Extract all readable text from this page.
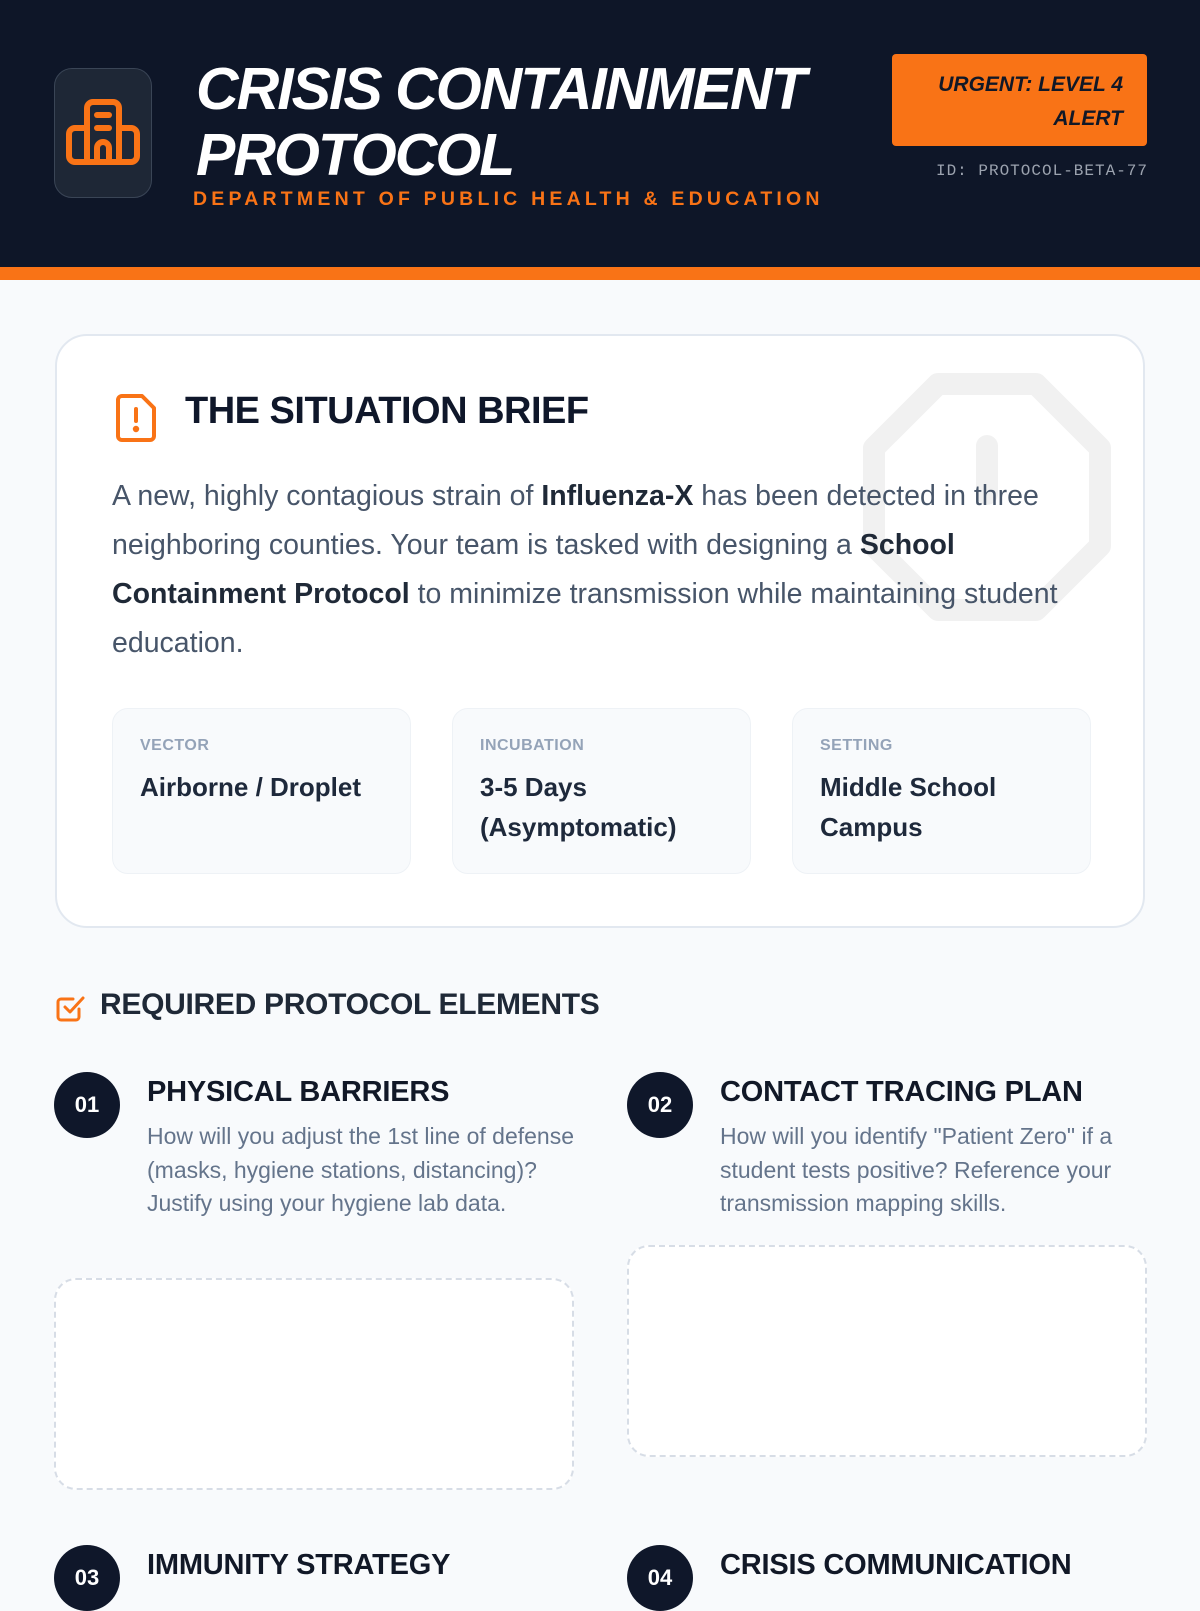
CRISIS CONTAINMENT PROTOCOL
DEPARTMENT OF PUBLIC HEALTH & EDUCATION
URGENT: LEVEL 4 ALERT
ID: PROTOCOL-BETA-77
THE SITUATION BRIEF

A new, highly contagious strain of Influenza-X has been detected in three neighboring counties. Your team is tasked with designing a School Containment Protocol to minimize transmission while maintaining student education.

VECTOR
Airborne / Droplet
INCUBATION
3-5 Days (Asymptomatic)
SETTING
Middle School Campus
REQUIRED PROTOCOL ELEMENTS
01	PHYSICAL BARRIERS

How will you adjust the 1st line of defense (masks, hygiene stations, distancing)? Justify using your hygiene lab data.

02	CONTACT TRACING PLAN

How will you identify "Patient Zero" if a student tests positive? Reference your transmission mapping skills.

03	IMMUNITY STRATEGY	04	CRISIS COMMUNICATION
